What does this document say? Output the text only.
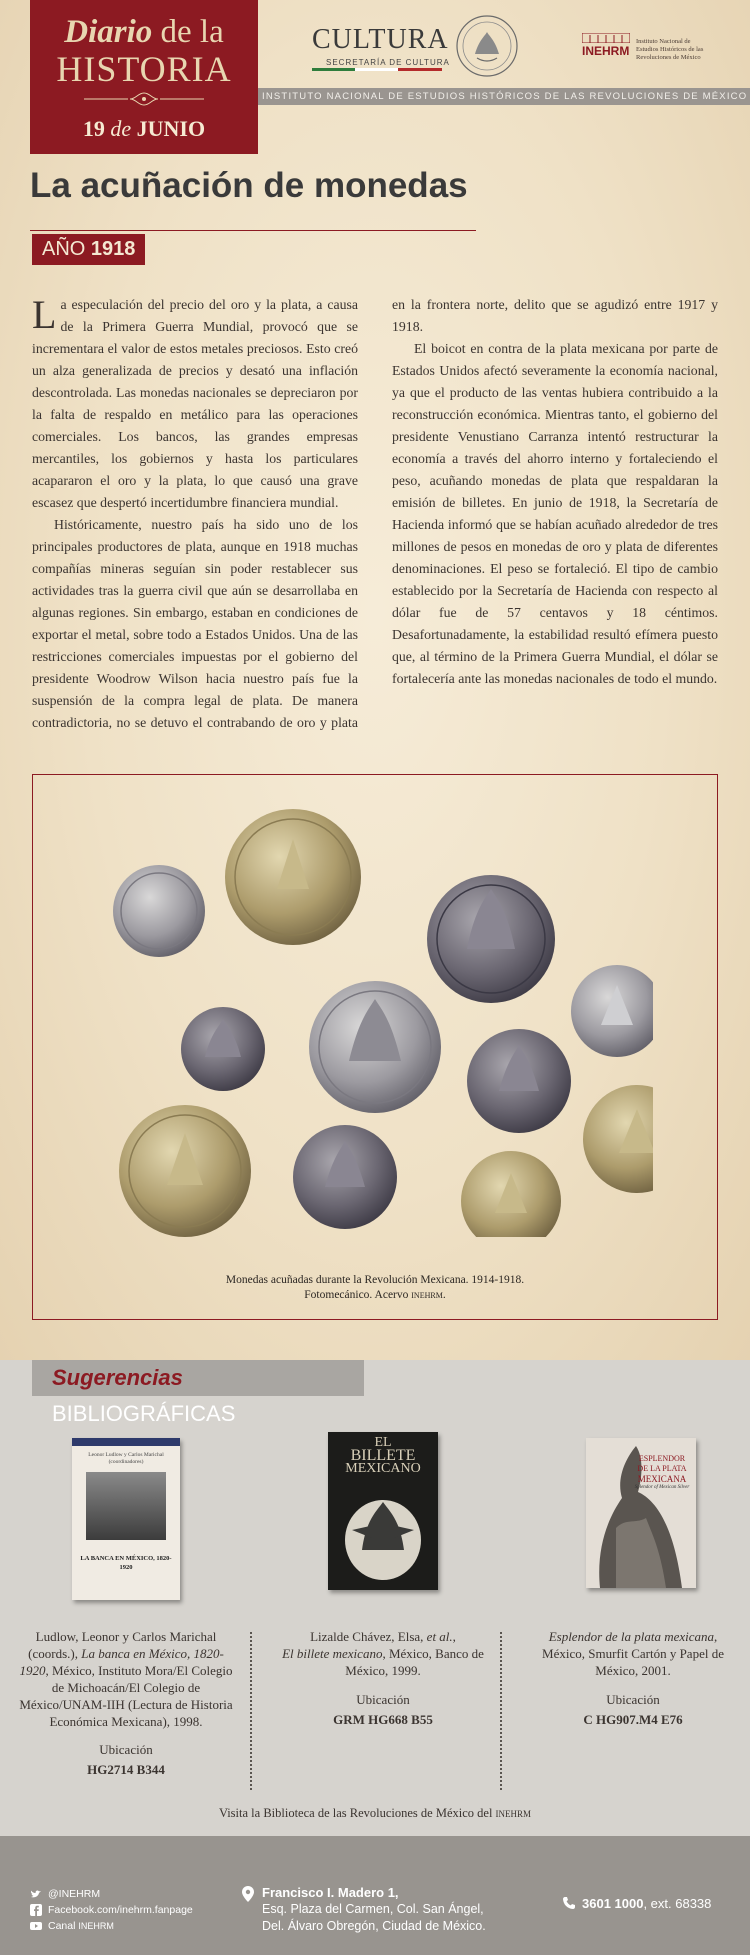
Diario de la
HISTORIA
19 de JUNIO
CULTURA
SECRETARÍA DE CULTURA
INEHRM
Instituto Nacional de Estudios Históricos de las Revoluciones de México
INSTITUTO NACIONAL DE ESTUDIOS HISTÓRICOS DE LAS REVOLUCIONES DE MÉXICO
La acuñación de monedas
AÑO 1918

La especulación del precio del oro y la plata, a causa de la Primera Guerra Mundial, provocó que se incrementara el valor de estos metales preciosos. Esto creó un alza generalizada de precios y desató una inflación descontrolada. Las monedas nacionales se depreciaron por la falta de respaldo en metálico para las operaciones comerciales. Los bancos, las grandes empresas mercantiles, los gobiernos y hasta los particulares acapararon el oro y la plata, lo que causó una grave escasez que despertó incertidumbre financiera mundial.

Históricamente, nuestro país ha sido uno de los principales productores de plata, aunque en 1918 muchas compañías mineras seguían sin poder restablecer sus actividades tras la guerra civil que aún se desarrollaba en algunas regiones. Sin embargo, estaban en condiciones de exportar el metal, sobre todo a Estados Unidos. Una de las restricciones comerciales impuestas por el gobierno del presidente Woodrow Wilson hacia nuestro país fue la suspensión de la compra legal de plata. De manera contradictoria, no se detuvo el contrabando de oro y plata en la frontera norte, delito que se agudizó entre 1917 y 1918.

El boicot en contra de la plata mexicana por parte de Estados Unidos afectó severamente la economía nacional, ya que el producto de las ventas hubiera contribuido a la reconstrucción económica. Mientras tanto, el gobierno del presidente Venustiano Carranza intentó restructurar la economía a través del ahorro interno y fortaleciendo el peso, acuñando monedas de plata que respaldaran la emisión de billetes. En junio de 1918, la Secretaría de Hacienda informó que se habían acuñado alrededor de tres millones de pesos en monedas de oro y plata de diferentes denominaciones. El peso se fortaleció. El tipo de cambio establecido por la Secretaría de Hacienda con respecto al dólar fue de 57 centavos y 18 céntimos. Desafortunadamente, la estabilidad resultó efímera puesto que, al término de la Primera Guerra Mundial, el dólar se fortalecería ante las monedas nacionales de todo el mundo.

Monedas acuñadas durante la Revolución Mexicana. 1914-1918.
Fotomecánico. Acervo inehrm.
Sugerencias BIBLIOGRÁFICAS
Leonor Ludlow y Carlos Marichal (coordinadores)
LA BANCA EN MÉXICO, 1820-1920
EL
BILLETE
MEXICANO
ESPLENDOR
DE LA PLATA
MEXICANA
Splendor of Mexican Silver
Ludlow, Leonor y Carlos Marichal (coords.), La banca en México, 1820-1920, México, Instituto Mora/El Colegio de Michoacán/El Colegio de México/UNAM-IIH (Lectura de Historia Económica Mexicana), 1998.
Ubicación
HG2714 B344
Lizalde Chávez, Elsa, et al.,
El billete mexicano, México, Banco de México, 1999.
Ubicación
GRM HG668 B55
Esplendor de la plata mexicana, México, Smurfit Cartón y Papel de México, 2001.
Ubicación
C HG907.M4 E76
Visita la Biblioteca de las Revoluciones de México del inehrm
@INEHRM
Facebook.com/inehrm.fanpage
Canal
INEHRM
Francisco I. Madero 1,
Esq. Plaza del Carmen, Col. San Ángel,
Del. Álvaro Obregón, Ciudad de México.
3601 1000, ext. 68338
